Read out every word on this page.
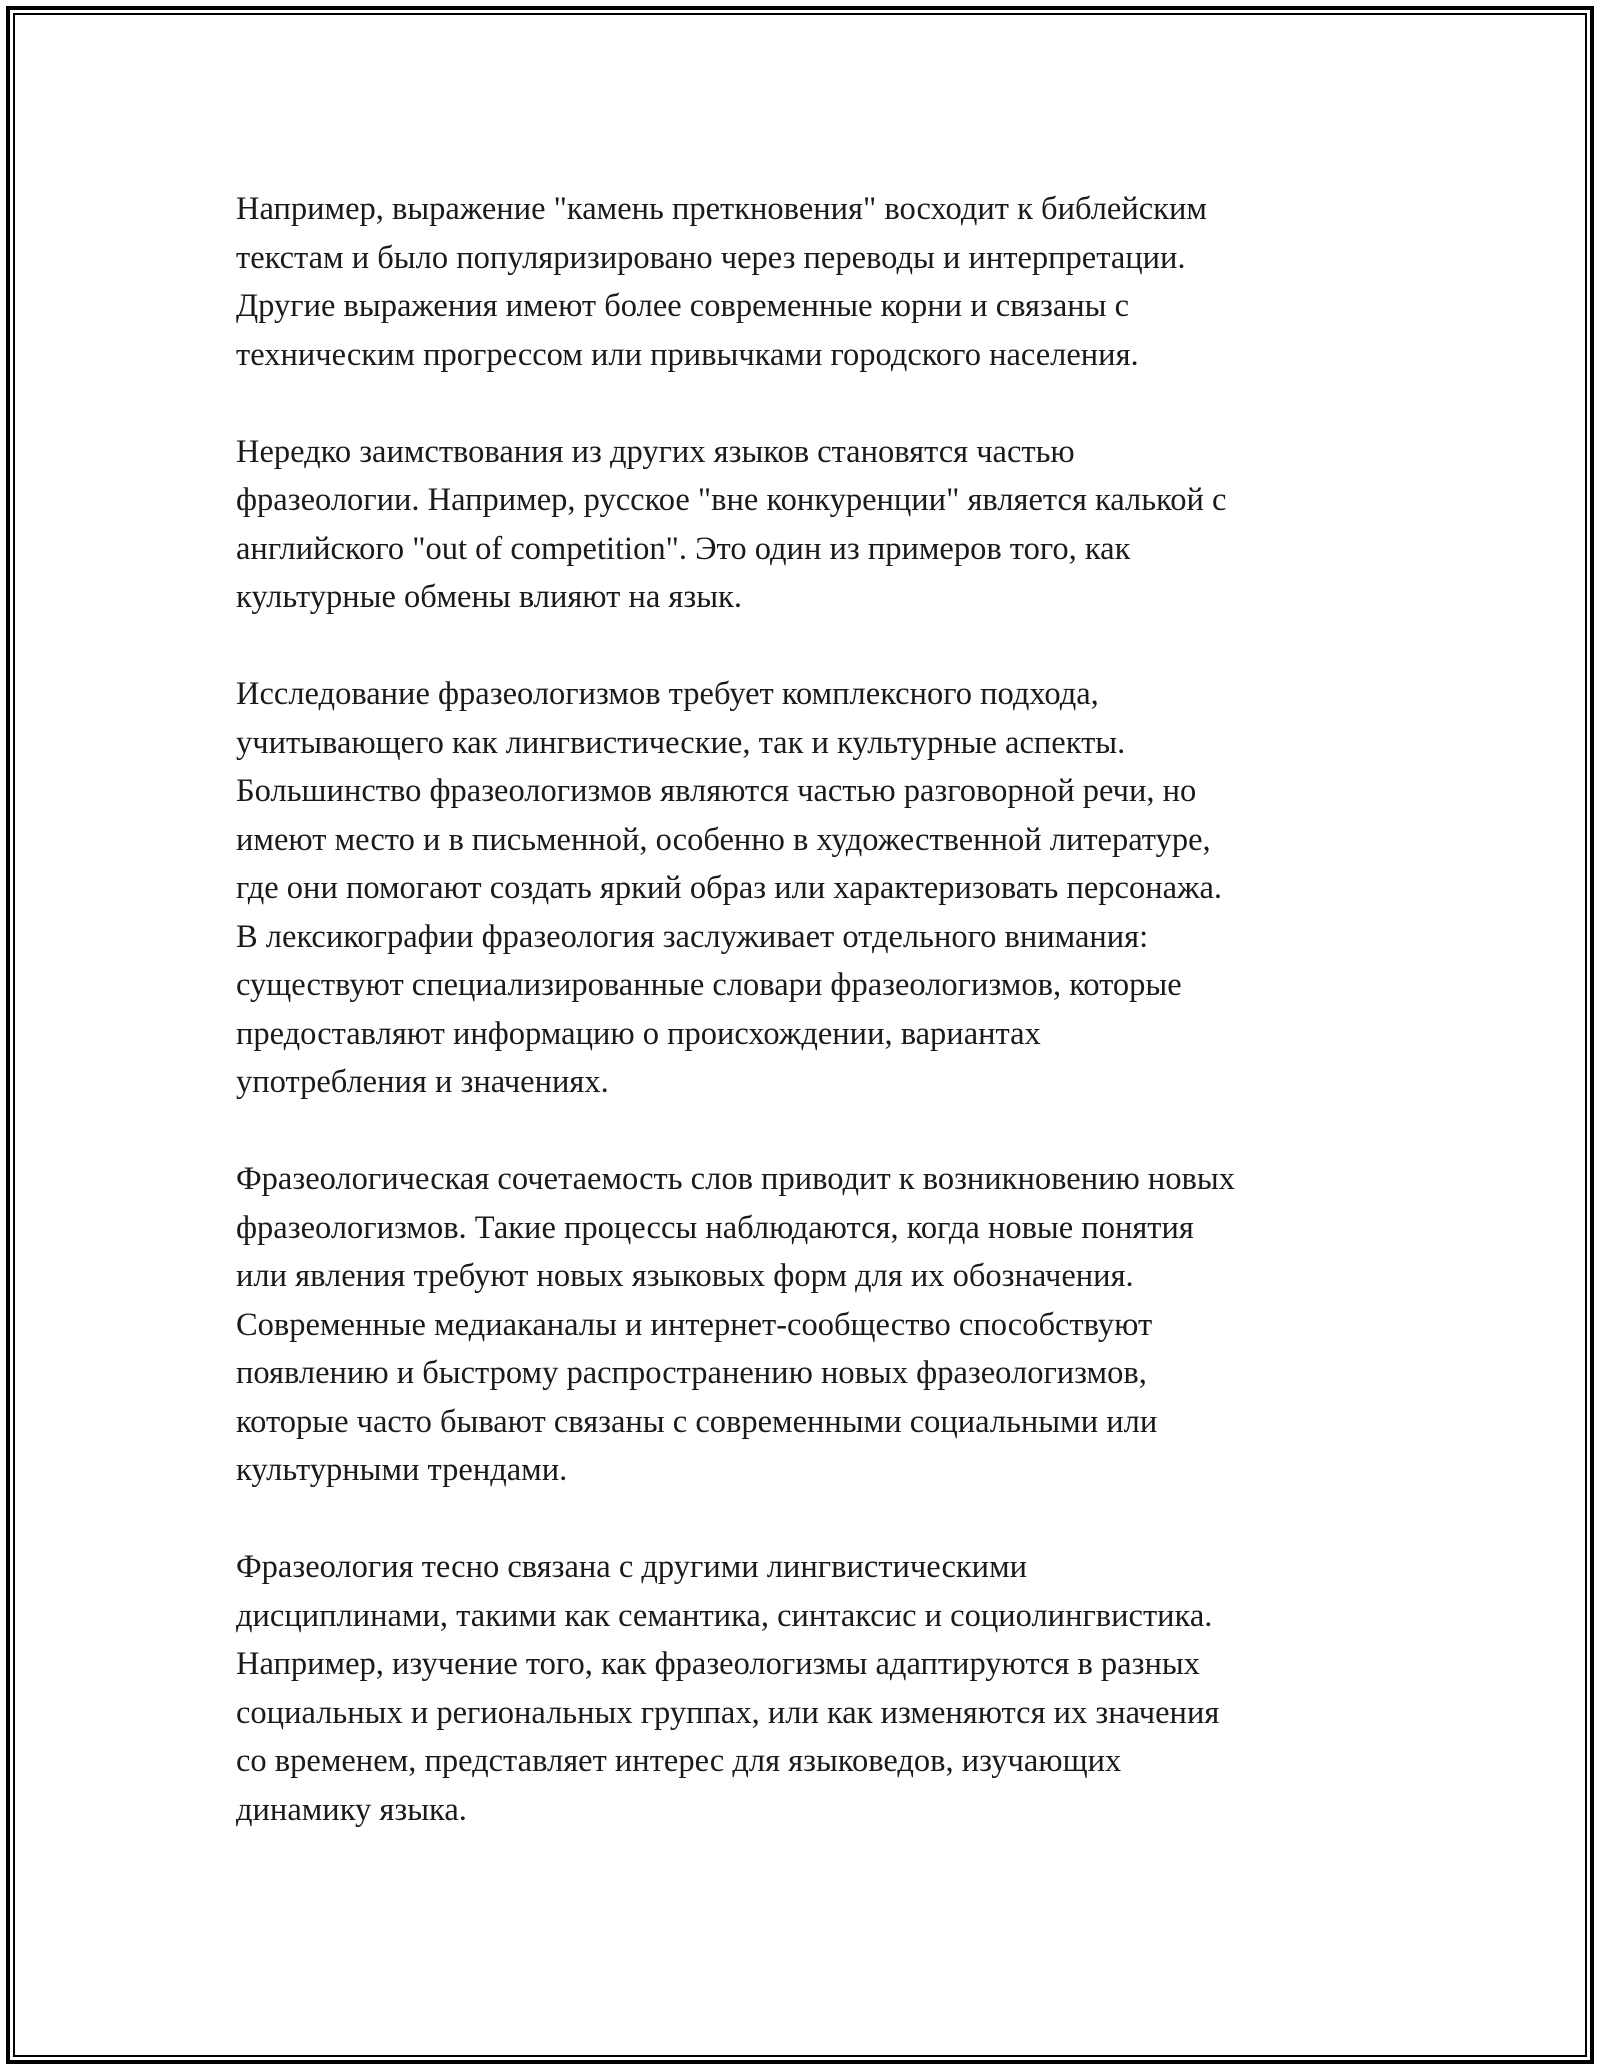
Например, выражение "камень преткновения" восходит к библейским
текстам и было популяризировано через переводы и интерпретации.
Другие выражения имеют более современные корни и связаны с
техническим прогрессом или привычками городского населения.

Нередко заимствования из других языков становятся частью
фразеологии. Например, русское "вне конкуренции" является калькой с
английского "out of competition". Это один из примеров того, как
культурные обмены влияют на язык.

Исследование фразеологизмов требует комплексного подхода,
учитывающего как лингвистические, так и культурные аспекты.
Большинство фразеологизмов являются частью разговорной речи, но
имеют место и в письменной, особенно в художественной литературе,
где они помогают создать яркий образ или характеризовать персонажа.
В лексикографии фразеология заслуживает отдельного внимания:
существуют специализированные словари фразеологизмов, которые
предоставляют информацию о происхождении, вариантах
употребления и значениях.

Фразеологическая сочетаемость слов приводит к возникновению новых
фразеологизмов. Такие процессы наблюдаются, когда новые понятия
или явления требуют новых языковых форм для их обозначения.
Современные медиаканалы и интернет-сообщество способствуют
появлению и быстрому распространению новых фразеологизмов,
которые часто бывают связаны с современными социальными или
культурными трендами.

Фразеология тесно связана с другими лингвистическими
дисциплинами, такими как семантика, синтаксис и социолингвистика.
Например, изучение того, как фразеологизмы адаптируются в разных
социальных и региональных группах, или как изменяются их значения
со временем, представляет интерес для языковедов, изучающих
динамику языка.
